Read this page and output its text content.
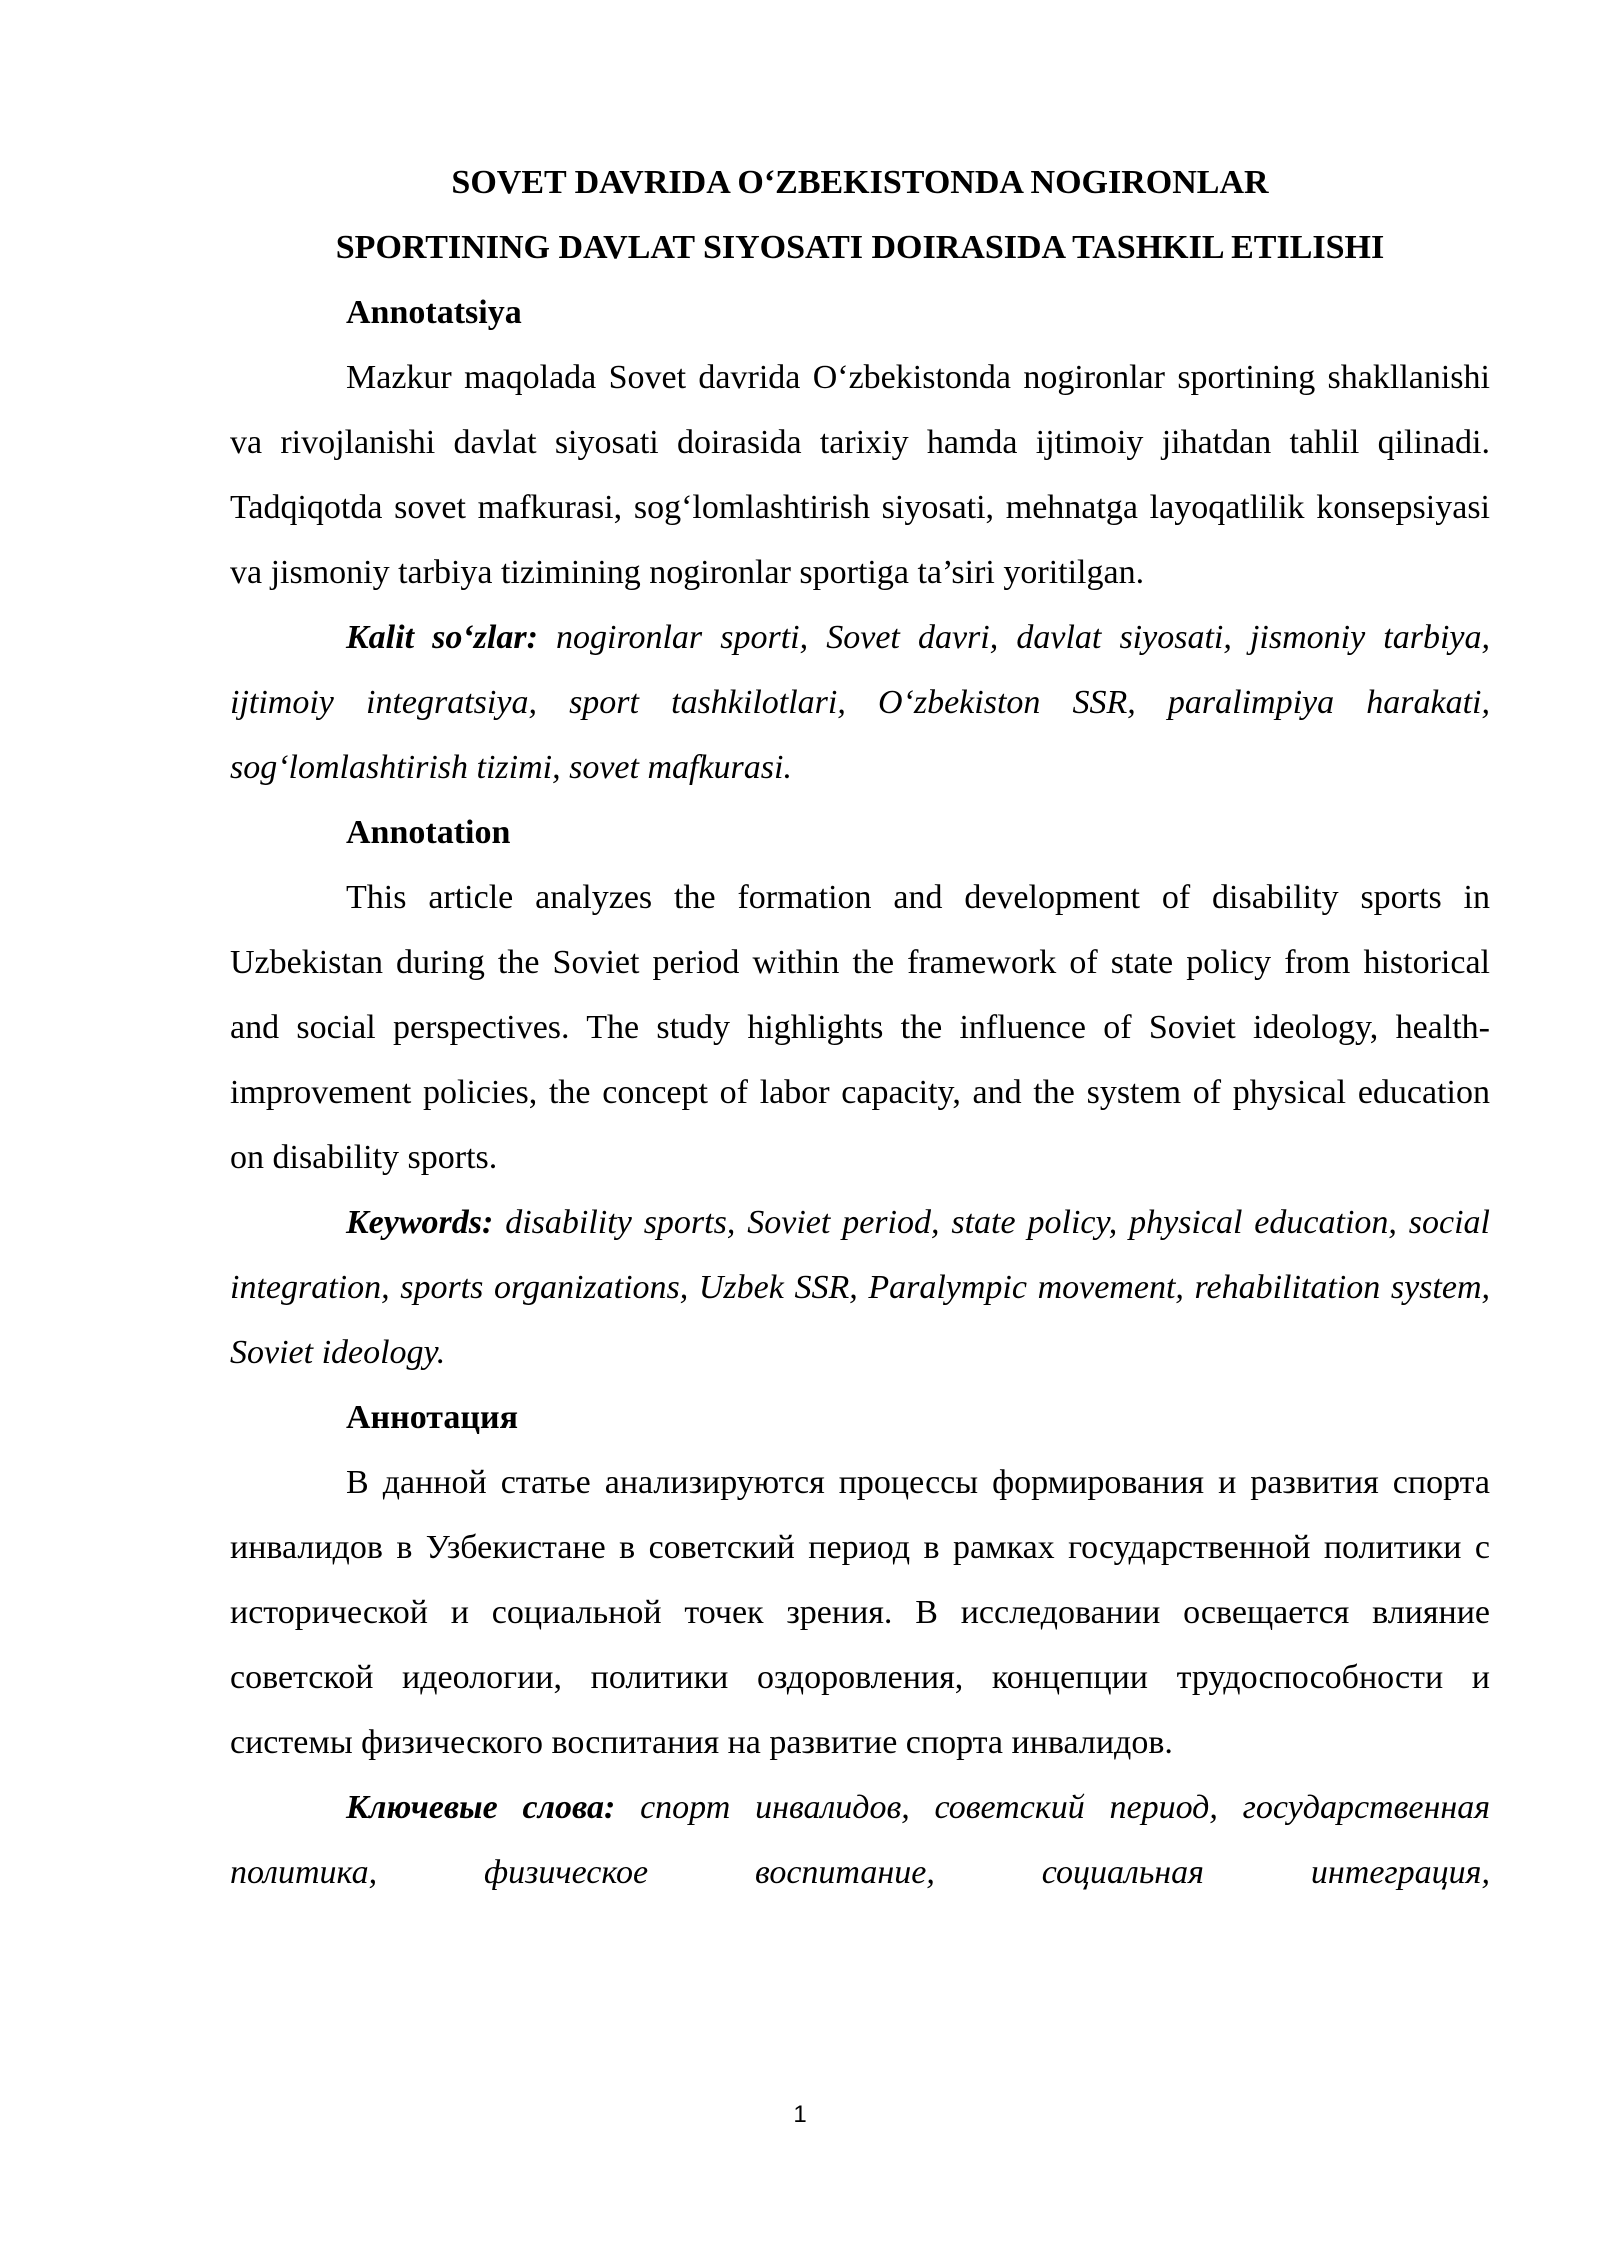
SOVET DAVRIDA O‘ZBEKISTONDA NOGIRONLAR

SPORTINING DAVLAT SIYOSATI DOIRASIDA TASHKIL ETILISHI

Annotatsiya

Mazkur maqolada Sovet davrida O‘zbekistonda nogironlar sportining shakllanishi va rivojlanishi davlat siyosati doirasida tarixiy hamda ijtimoiy jihatdan tahlil qilinadi. Tadqiqotda sovet mafkurasi, sog‘lomlashtirish siyosati, mehnatga layoqatlilik konsepsiyasi va jismoniy tarbiya tizimining nogironlar sportiga ta’siri yoritilgan.

Kalit so‘zlar: nogironlar sporti, Sovet davri, davlat siyosati, jismoniy tarbiya, ijtimoiy integratsiya, sport tashkilotlari, O‘zbekiston SSR, paralimpiya harakati, sog‘lomlashtirish tizimi, sovet mafkurasi.

Annotation

This article analyzes the formation and development of disability sports in Uzbekistan during the Soviet period within the framework of state policy from historical and social perspectives. The study highlights the influence of Soviet ideology, health-improvement policies, the concept of labor capacity, and the system of physical education on disability sports.

Keywords: disability sports, Soviet period, state policy, physical education, social integration, sports organizations, Uzbek SSR, Paralympic movement, rehabilitation system, Soviet ideology.

Аннотация

В данной статье анализируются процессы формирования и развития спорта инвалидов в Узбекистане в советский период в рамках государственной политики с исторической и социальной точек зрения. В исследовании освещается влияние советской идеологии, политики оздоровления, концепции трудоспособности и системы физического воспитания на развитие спорта инвалидов.

Ключевые слова: спорт инвалидов, советский период, государственная политика, физическое воспитание, социальная интеграция,

1
